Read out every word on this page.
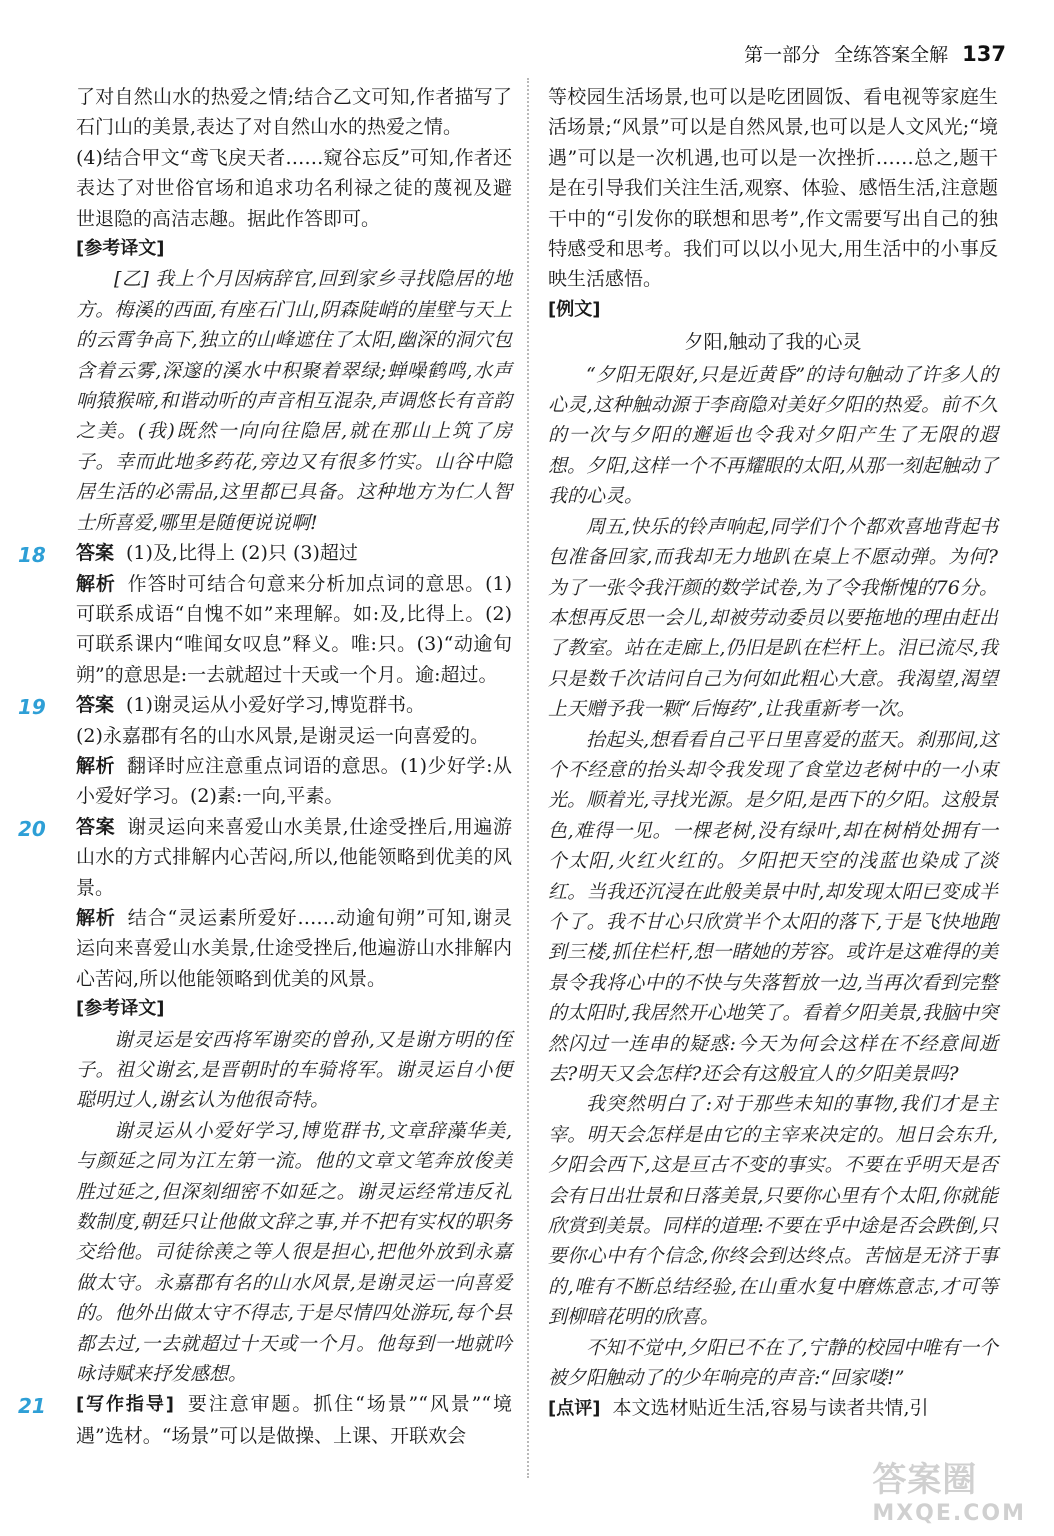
第一部分 全练答案全解 137

了对自然山水的热爱之情;结合乙文可知,作者描写了石门山的美景,表达了对自然山水的热爱之情。

(4)结合甲文“鸢飞戾天者……窥谷忘反”可知,作者还表达了对世俗官场和追求功名利禄之徒的蔑视及避世退隐的高洁志趣。据此作答即可。

[参考译文]

[乙] 我上个月因病辞官,回到家乡寻找隐居的地方。梅溪的西面,有座石门山,阴森陡峭的崖壁与天上的云霄争高下,独立的山峰遮住了太阳,幽深的洞穴包含着云雾,深邃的溪水中积聚着翠绿;蝉噪鹤鸣,水声响猿猴啼,和谐动听的声音相互混杂,声调悠长有音韵之美。(我)既然一向向往隐居,就在那山上筑了房子。幸而此地多药花,旁边又有很多竹实。山谷中隐居生活的必需品,这里都已具备。这种地方为仁人智士所喜爱,哪里是随便说说啊!

18 答案 (1)及,比得上 (2)只 (3)超过

解析 作答时可结合句意来分析加点词的意思。(1)可联系成语“自愧不如”来理解。如:及,比得上。(2)可联系课内“唯闻女叹息”释义。唯:只。(3)“动逾旬朔”的意思是:一去就超过十天或一个月。逾:超过。

19 答案 (1)谢灵运从小爱好学习,博览群书。

(2)永嘉郡有名的山水风景,是谢灵运一向喜爱的。

解析 翻译时应注意重点词语的意思。(1)少好学:从小爱好学习。(2)素:一向,平素。

20 答案 谢灵运向来喜爱山水美景,仕途受挫后,用遍游山水的方式排解内心苦闷,所以,他能领略到优美的风景。

解析 结合“灵运素所爱好……动逾旬朔”可知,谢灵运向来喜爱山水美景,仕途受挫后,他遍游山水排解内心苦闷,所以他能领略到优美的风景。

[参考译文]

谢灵运是安西将军谢奕的曾孙,又是谢方明的侄子。祖父谢玄,是晋朝时的车骑将军。谢灵运自小便聪明过人,谢玄认为他很奇特。

谢灵运从小爱好学习,博览群书,文章辞藻华美,与颜延之同为江左第一流。他的文章文笔奔放俊美胜过延之,但深刻细密不如延之。谢灵运经常违反礼数制度,朝廷只让他做文辞之事,并不把有实权的职务交给他。司徒徐羡之等人很是担心,把他外放到永嘉做太守。永嘉郡有名的山水风景,是谢灵运一向喜爱的。他外出做太守不得志,于是尽情四处游玩,每个县都去过,一去就超过十天或一个月。他每到一地就吟咏诗赋来抒发感想。

21 [写作指导] 要注意审题。抓住“场景”“风景”“境遇”选材。“场景”可以是做操、上课、开联欢会

等校园生活场景,也可以是吃团圆饭、看电视等家庭生活场景;“风景”可以是自然风景,也可以是人文风光;“境遇”可以是一次机遇,也可以是一次挫折……总之,题干是在引导我们关注生活,观察、体验、感悟生活,注意题干中的“引发你的联想和思考”,作文需要写出自己的独特感受和思考。我们可以以小见大,用生活中的小事反映生活感悟。

[例文]

夕阳,触动了我的心灵

“夕阳无限好,只是近黄昏”的诗句触动了许多人的心灵,这种触动源于李商隐对美好夕阳的热爱。前不久的一次与夕阳的邂逅也令我对夕阳产生了无限的遐想。夕阳,这样一个不再耀眼的太阳,从那一刻起触动了我的心灵。

周五,快乐的铃声响起,同学们个个都欢喜地背起书包准备回家,而我却无力地趴在桌上不愿动弹。为何?为了一张令我汗颜的数学试卷,为了令我惭愧的76分。本想再反思一会儿,却被劳动委员以要拖地的理由赶出了教室。站在走廊上,仍旧是趴在栏杆上。泪已流尽,我只是数千次诘问自己为何如此粗心大意。我渴望,渴望上天赠予我一颗“后悔药”,让我重新考一次。

抬起头,想看看自己平日里喜爱的蓝天。刹那间,这个不经意的抬头却令我发现了食堂边老树中的一小束光。顺着光,寻找光源。是夕阳,是西下的夕阳。这般景色,难得一见。一棵老树,没有绿叶,却在树梢处拥有一个太阳,火红火红的。夕阳把天空的浅蓝也染成了淡红。当我还沉浸在此般美景中时,却发现太阳已变成半个了。我不甘心只欣赏半个太阳的落下,于是飞快地跑到三楼,抓住栏杆,想一睹她的芳容。或许是这难得的美景令我将心中的不快与失落暂放一边,当再次看到完整的太阳时,我居然开心地笑了。看着夕阳美景,我脑中突然闪过一连串的疑惑:今天为何会这样在不经意间逝去?明天又会怎样?还会有这般宜人的夕阳美景吗?

我突然明白了:对于那些未知的事物,我们才是主宰。明天会怎样是由它的主宰来决定的。旭日会东升,夕阳会西下,这是亘古不变的事实。不要在乎明天是否会有日出壮景和日落美景,只要你心里有个太阳,你就能欣赏到美景。同样的道理:不要在乎中途是否会跌倒,只要你心中有个信念,你终会到达终点。苦恼是无济于事的,唯有不断总结经验,在山重水复中磨炼意志,才可等到柳暗花明的欣喜。

不知不觉中,夕阳已不在了,宁静的校园中唯有一个被夕阳触动了的少年响亮的声音:“回家喽!”

[点评] 本文选材贴近生活,容易与读者共情,引

答案圈
MXQE.COM
